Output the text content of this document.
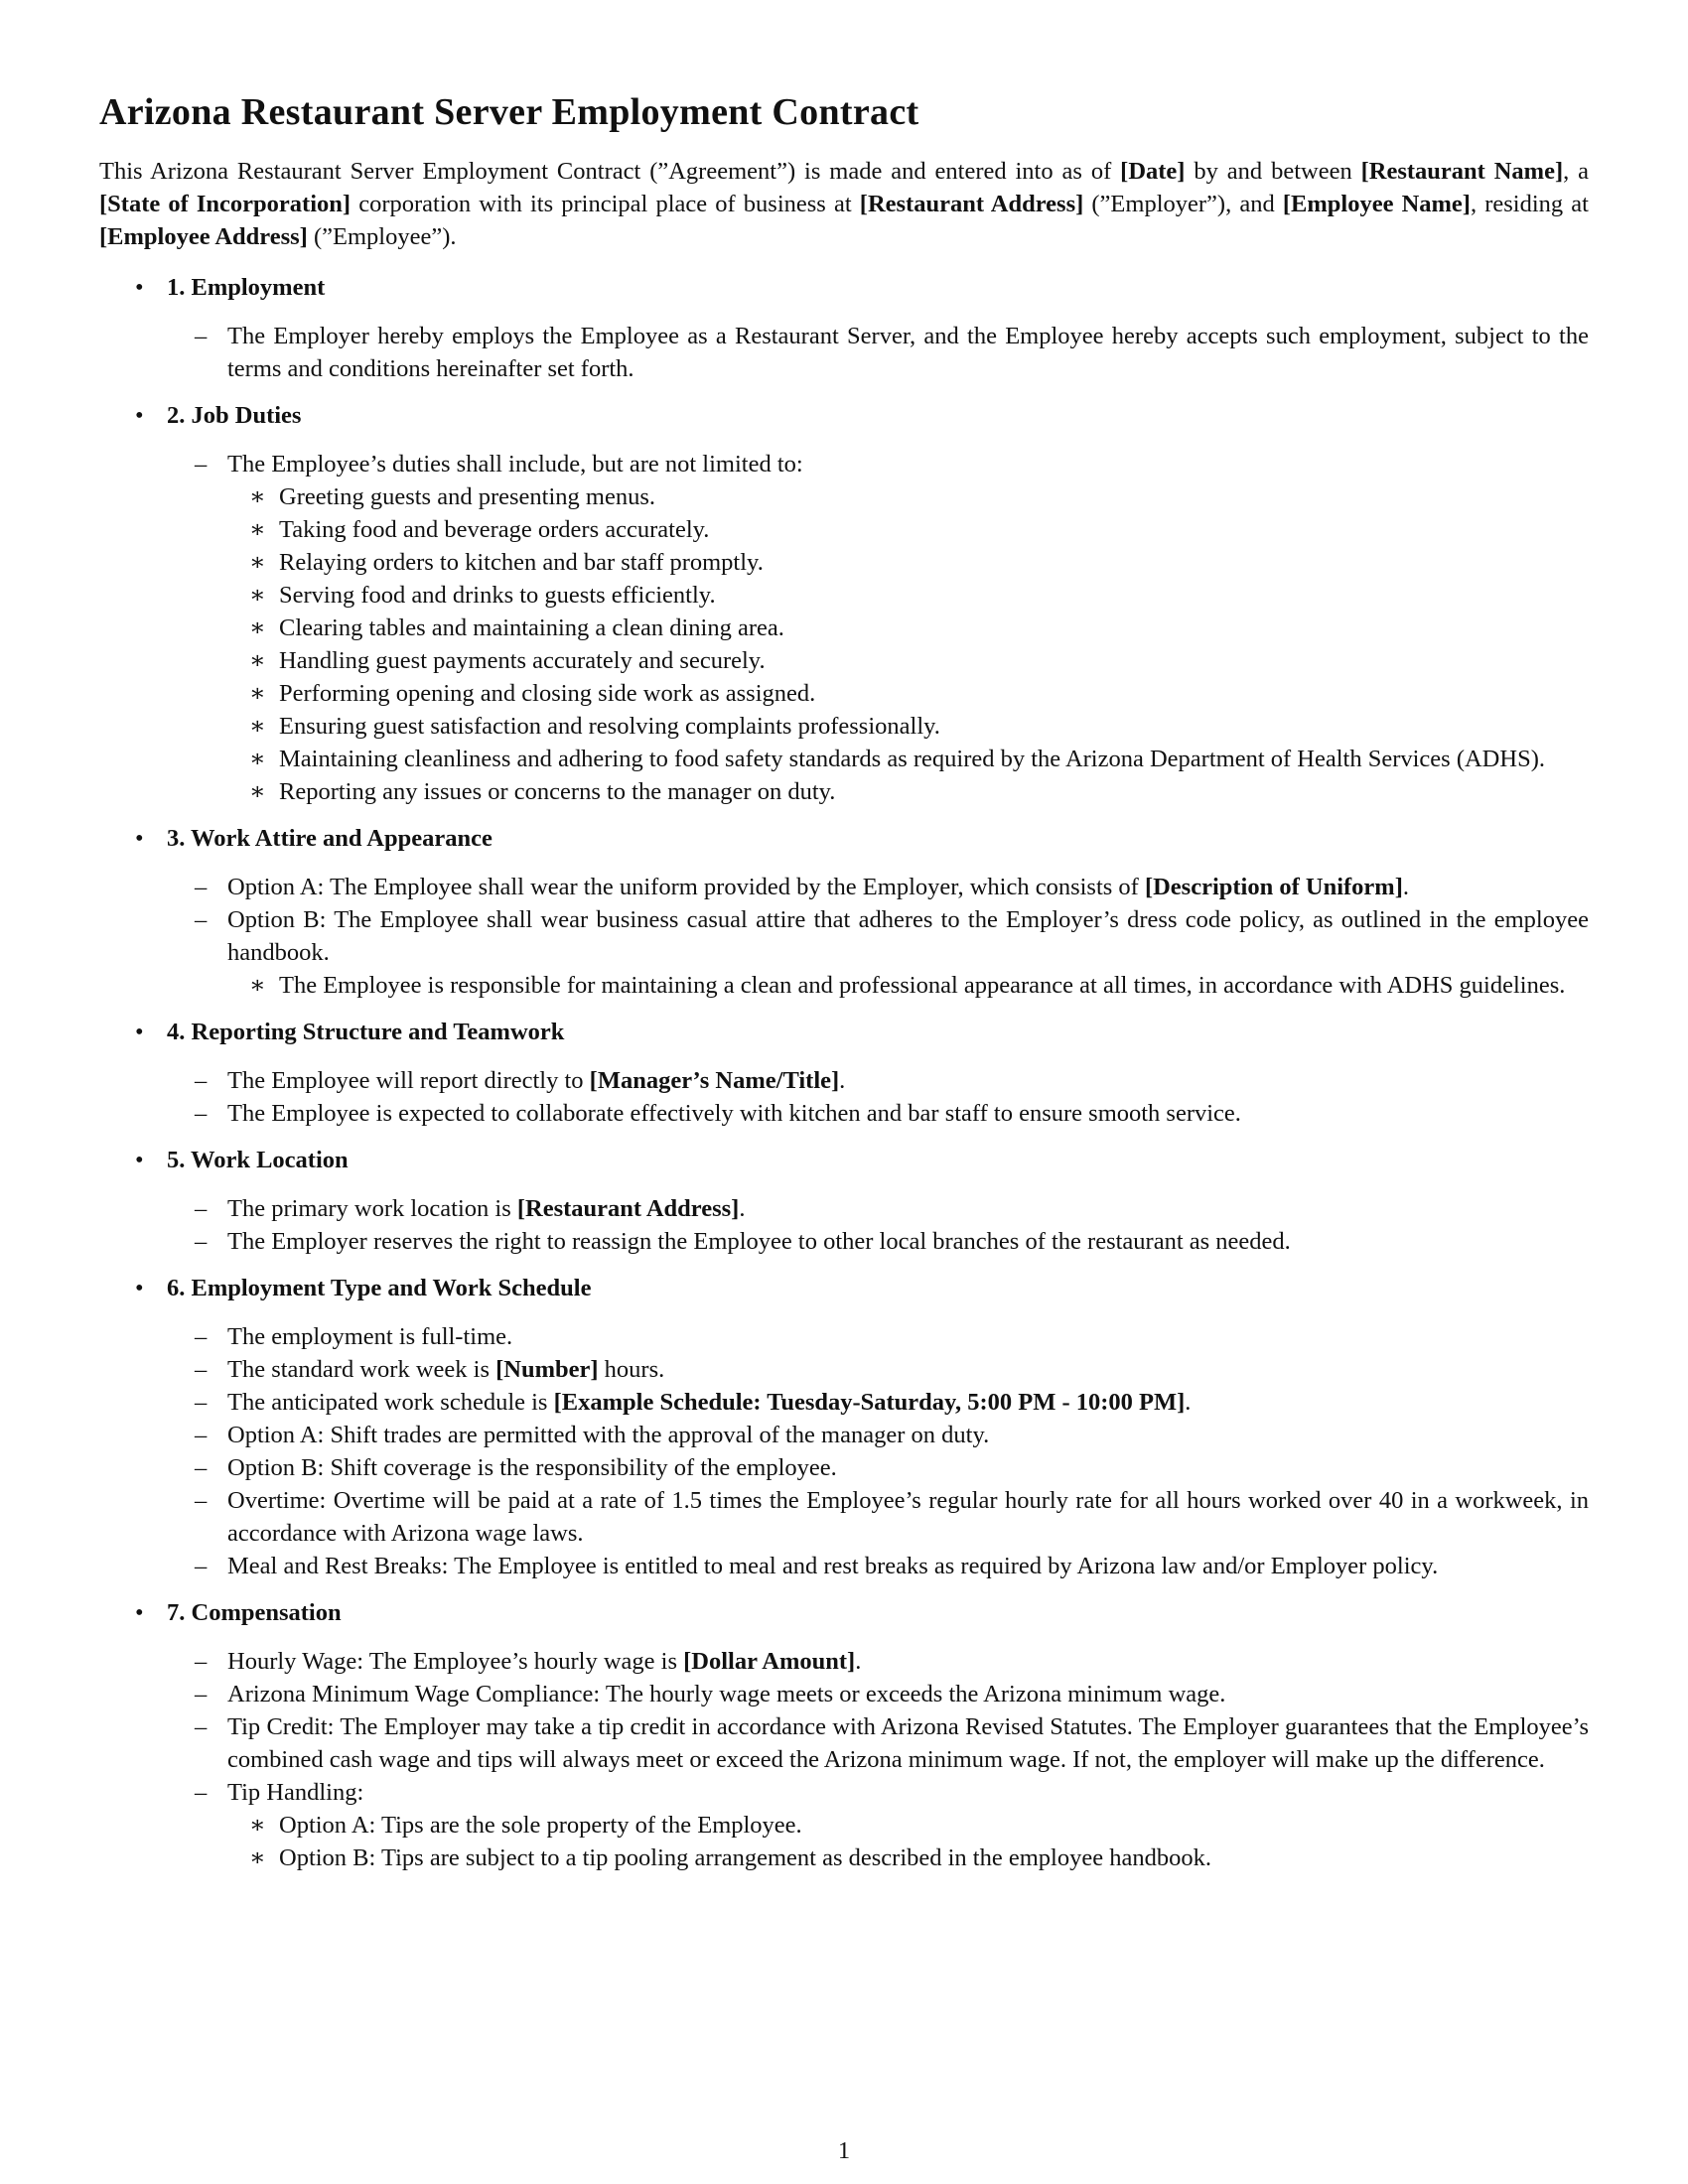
Arizona Restaurant Server Employment Contract

This Arizona Restaurant Server Employment Contract (”Agreement”) is made and entered into as of [Date] by and between [Restaurant Name], a [State of Incorporation] corporation with its principal place of business at [Restaurant Address] (”Employer”), and [Employee Name], residing at [Employee Address] (”Employee”).

• 1. Employment
– The Employer hereby employs the Employee as a Restaurant Server, and the Employee hereby accepts such employment, subject to the terms and conditions hereinafter set forth.
• 2. Job Duties
– The Employee’s duties shall include, but are not limited to:
∗ Greeting guests and presenting menus.
∗ Taking food and beverage orders accurately.
∗ Relaying orders to kitchen and bar staff promptly.
∗ Serving food and drinks to guests efficiently.
∗ Clearing tables and maintaining a clean dining area.
∗ Handling guest payments accurately and securely.
∗ Performing opening and closing side work as assigned.
∗ Ensuring guest satisfaction and resolving complaints professionally.
∗ Maintaining cleanliness and adhering to food safety standards as required by the Arizona Department of Health Services (ADHS).
∗ Reporting any issues or concerns to the manager on duty.
• 3. Work Attire and Appearance
– Option A: The Employee shall wear the uniform provided by the Employer, which consists of [Description of Uniform].
– Option B: The Employee shall wear business casual attire that adheres to the Employer’s dress code policy, as outlined in the employee handbook.
∗ The Employee is responsible for maintaining a clean and professional appearance at all times, in accordance with ADHS guidelines.
• 4. Reporting Structure and Teamwork
– The Employee will report directly to [Manager’s Name/Title].
– The Employee is expected to collaborate effectively with kitchen and bar staff to ensure smooth service.
• 5. Work Location
– The primary work location is [Restaurant Address].
– The Employer reserves the right to reassign the Employee to other local branches of the restaurant as needed.
• 6. Employment Type and Work Schedule
– The employment is full-time.
– The standard work week is [Number] hours.
– The anticipated work schedule is [Example Schedule: Tuesday-Saturday, 5:00 PM - 10:00 PM].
– Option A: Shift trades are permitted with the approval of the manager on duty.
– Option B: Shift coverage is the responsibility of the employee.
– Overtime: Overtime will be paid at a rate of 1.5 times the Employee’s regular hourly rate for all hours worked over 40 in a workweek, in accordance with Arizona wage laws.
– Meal and Rest Breaks: The Employee is entitled to meal and rest breaks as required by Arizona law and/or Employer policy.
• 7. Compensation
– Hourly Wage: The Employee’s hourly wage is [Dollar Amount].
– Arizona Minimum Wage Compliance: The hourly wage meets or exceeds the Arizona minimum wage.
– Tip Credit: The Employer may take a tip credit in accordance with Arizona Revised Statutes. The Employer guarantees that the Employee’s combined cash wage and tips will always meet or exceed the Arizona minimum wage. If not, the employer will make up the difference.
– Tip Handling:
∗ Option A: Tips are the sole property of the Employee.
∗ Option B: Tips are subject to a tip pooling arrangement as described in the employee handbook.
1
